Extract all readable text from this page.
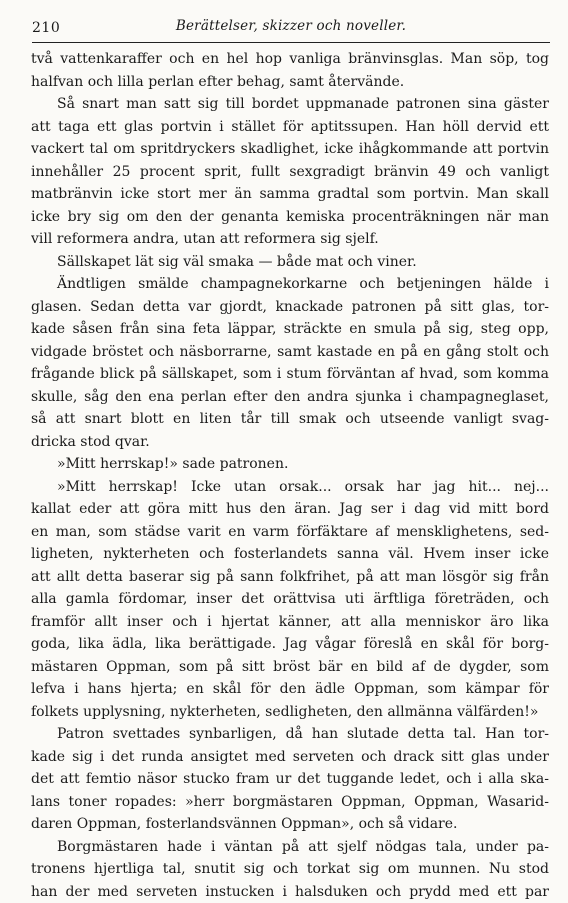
210	Berättelser, skizzer och noveller.
två vattenkaraffer och en hel hop vanliga bränvinsglas. Man söp, tog
halfvan och lilla perlan efter behag, samt återvände.
Så snart man satt sig till bordet uppmanade patronen sina gäster
att taga ett glas portvin i stället för aptitssupen. Han höll dervid ett
vackert tal om spritdryckers skadlighet, icke ihågkommande att portvin
innehåller 25 procent sprit, fullt sexgradigt bränvin 49 och vanligt
matbränvin icke stort mer än samma gradtal som portvin. Man skall
icke bry sig om den der genanta kemiska procenträkningen när man
vill reformera andra, utan att reformera sig sjelf.
Sällskapet lät sig väl smaka — både mat och viner.
Ändtligen smälde champagnekorkarne och betjeningen hälde i
glasen. Sedan detta var gjordt, knackade patronen på sitt glas, tor-
kade såsen från sina feta läppar, sträckte en smula på sig, steg opp,
vidgade bröstet och näsborrarne, samt kastade en på en gång stolt och
frågande blick på sällskapet, som i stum förväntan af hvad, som komma
skulle, såg den ena perlan efter den andra sjunka i champagneglaset,
så att snart blott en liten tår till smak och utseende vanligt svag-
dricka stod qvar.
»Mitt herrskap!» sade patronen.
»Mitt herrskap! Icke utan orsak... orsak har jag hit... nej...
kallat eder att göra mitt hus den äran. Jag ser i dag vid mitt bord
en man, som städse varit en varm förfäktare af mensklighetens, sed-
ligheten, nykterheten och fosterlandets sanna väl. Hvem inser icke
att allt detta baserar sig på sann folkfrihet, på att man lösgör sig från
alla gamla fördomar, inser det orättvisa uti ärftliga företräden, och
framför allt inser och i hjertat känner, att alla menniskor äro lika
goda, lika ädla, lika berättigade. Jag vågar föreslå en skål för borg-
mästaren Oppman, som på sitt bröst bär en bild af de dygder, som
lefva i hans hjerta; en skål för den ädle Oppman, som kämpar för
folkets upplysning, nykterheten, sedligheten, den allmänna välfärden!»
Patron svettades synbarligen, då han slutade detta tal. Han tor-
kade sig i det runda ansigtet med serveten och drack sitt glas under
det att femtio näsor stucko fram ur det tuggande ledet, och i alla ska-
lans toner ropades: »herr borgmästaren Oppman, Oppman, Wasarid-
daren Oppman, fosterlandsvännen Oppman», och så vidare.
Borgmästaren hade i väntan på att sjelf nödgas tala, under pa-
tronens hjertliga tal, snutit sig och torkat sig om munnen. Nu stod
han der med serveten instucken i halsduken och prydd med ett par
